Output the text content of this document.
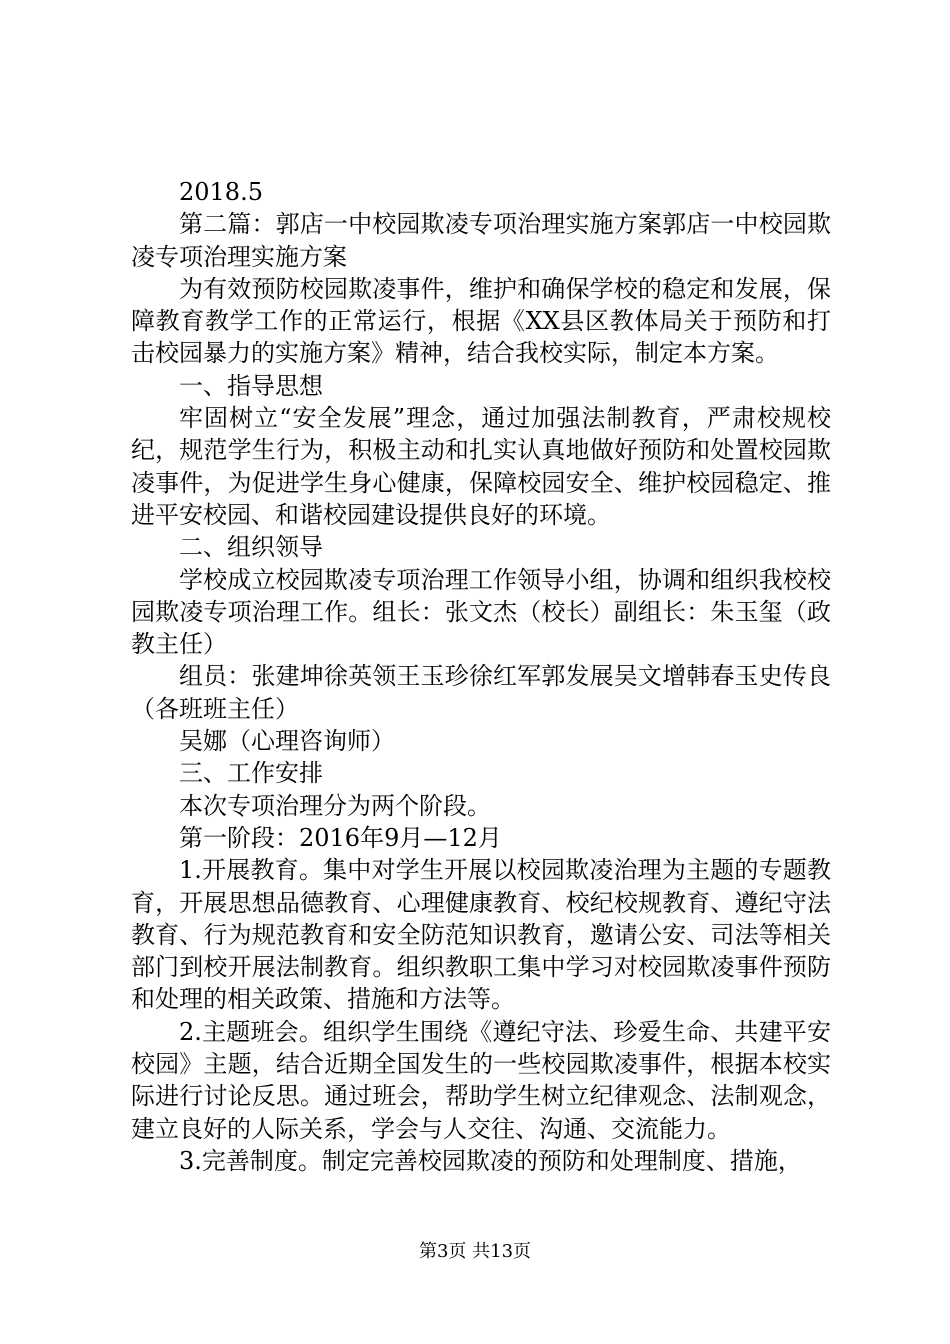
2018.5

第二篇：郭店一中校园欺凌专项治理实施方案郭店一中校园欺凌专项治理实施方案

为有效预防校园欺凌事件，维护和确保学校的稳定和发展，保障教育教学工作的正常运行，根据《XX县区教体局关于预防和打击校园暴力的实施方案》精神，结合我校实际，制定本方案。

一、指导思想

牢固树立“安全发展”理念，通过加强法制教育，严肃校规校纪，规范学生行为，积极主动和扎实认真地做好预防和处置校园欺凌事件，为促进学生身心健康，保障校园安全、维护校园稳定、推进平安校园、和谐校园建设提供良好的环境。

二、组织领导

学校成立校园欺凌专项治理工作领导小组，协调和组织我校校园欺凌专项治理工作。组长：张文杰（校长）副组长：朱玉玺（政教主任）

组员：张建坤徐英领王玉珍徐红军郭发展吴文增韩春玉史传良（各班班主任）

吴娜（心理咨询师）

三、工作安排

本次专项治理分为两个阶段。

第一阶段：2016年9月—12月

1.开展教育。集中对学生开展以校园欺凌治理为主题的专题教育，开展思想品德教育、心理健康教育、校纪校规教育、遵纪守法教育、行为规范教育和安全防范知识教育，邀请公安、司法等相关部门到校开展法制教育。组织教职工集中学习对校园欺凌事件预防和处理的相关政策、措施和方法等。

2.主题班会。组织学生围绕《遵纪守法、珍爱生命、共建平安校园》主题，结合近期全国发生的一些校园欺凌事件，根据本校实际进行讨论反思。通过班会，帮助学生树立纪律观念、法制观念，建立良好的人际关系，学会与人交往、沟通、交流能力。

3.完善制度。制定完善校园欺凌的预防和处理制度、措施，

第3页 共13页
